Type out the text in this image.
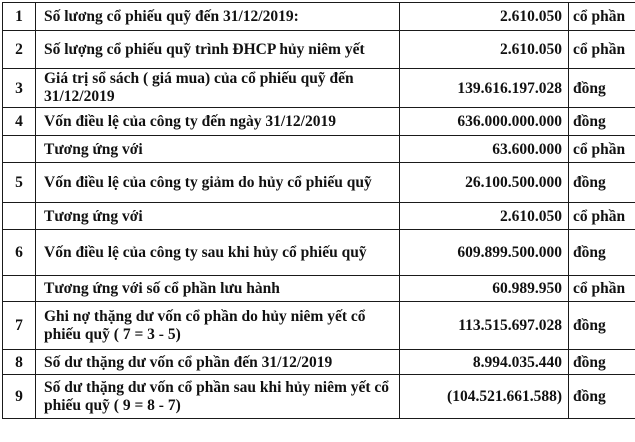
1	Số lương cổ phiếu quỹ đến 31/12/2019:	2.610.050	cổ phần
2	Số lượng cổ phiếu quỹ trình ĐHCP hủy niêm yết	2.610.050	cổ phần
3	Giá trị sổ sách ( giá mua) của cổ phiếu quỹ đến 31/12/2019	139.616.197.028	đồng
4	Vốn điều lệ của công ty đến ngày 31/12/2019	636.000.000.000	đồng
	Tương ứng với	63.600.000	cổ phần
5	Vốn điều lệ của công ty giảm do hủy cổ phiếu quỹ	26.100.500.000	đồng
	Tương ứng với	2.610.050	cổ phần
6	Vốn điều lệ của công ty sau khi hủy cổ phiếu quỹ	609.899.500.000	đồng
	Tương ứng với số cổ phần lưu hành	60.989.950	cổ phần
7	Ghi nợ thặng dư vốn cổ phần do hủy niêm yết cổ phiếu quỹ ( 7 = 3 - 5)	113.515.697.028	đồng
8	Số dư thặng dư vốn cổ phần đến 31/12/2019	8.994.035.440	đồng
9	Số dư thặng dư vốn cổ phần sau khi hủy niêm yết cổ phiếu quỹ ( 9 = 8 - 7)	(104.521.661.588)	đồng
